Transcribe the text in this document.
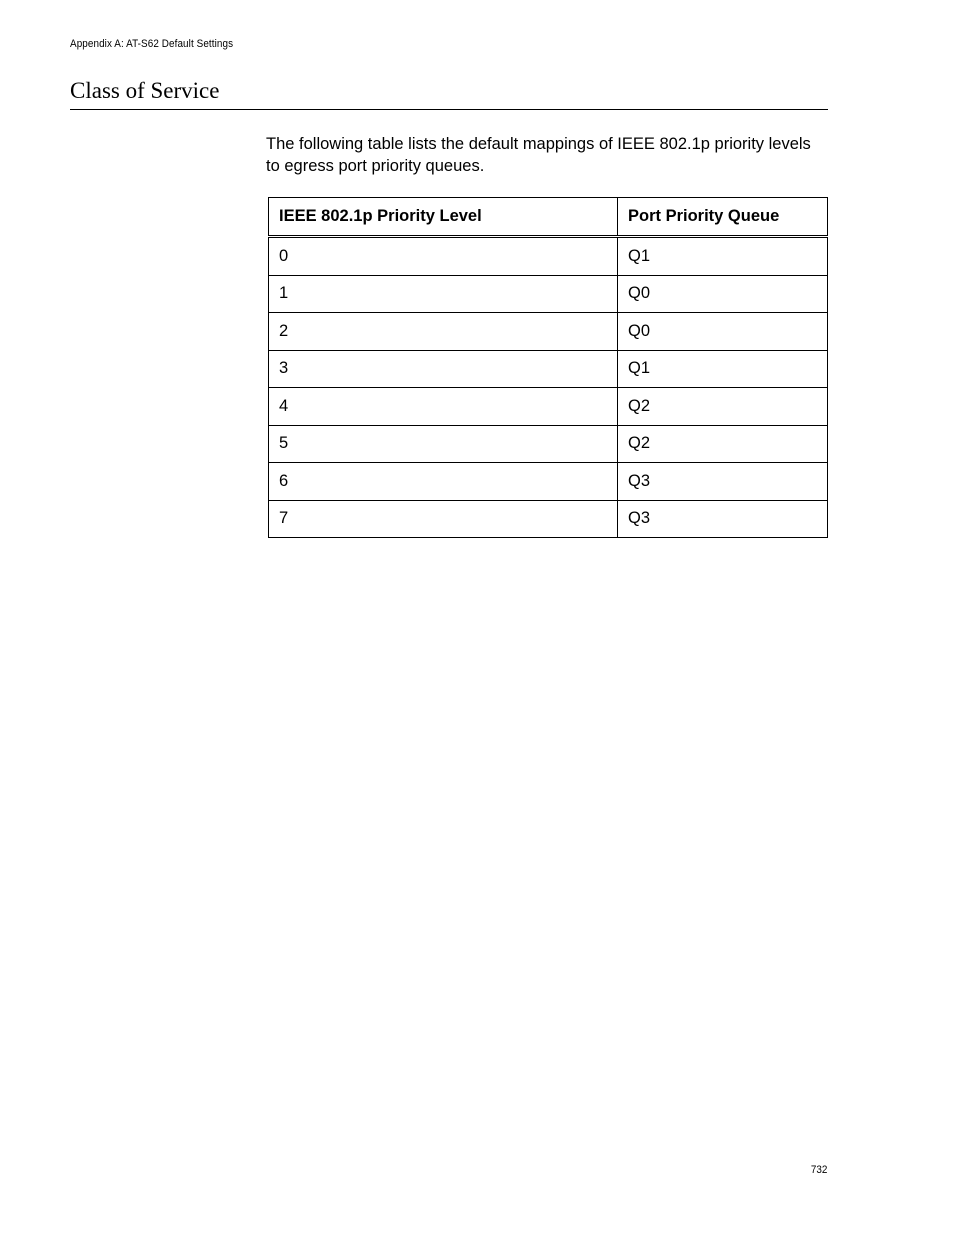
Appendix A: AT-S62 Default Settings
Class of Service

The following table lists the default mappings of IEEE 802.1p priority levels to egress port priority queues.

IEEE 802.1p Priority Level	Port Priority Queue
0	Q1
1	Q0
2	Q0
3	Q1
4	Q2
5	Q2
6	Q3
7	Q3
732
